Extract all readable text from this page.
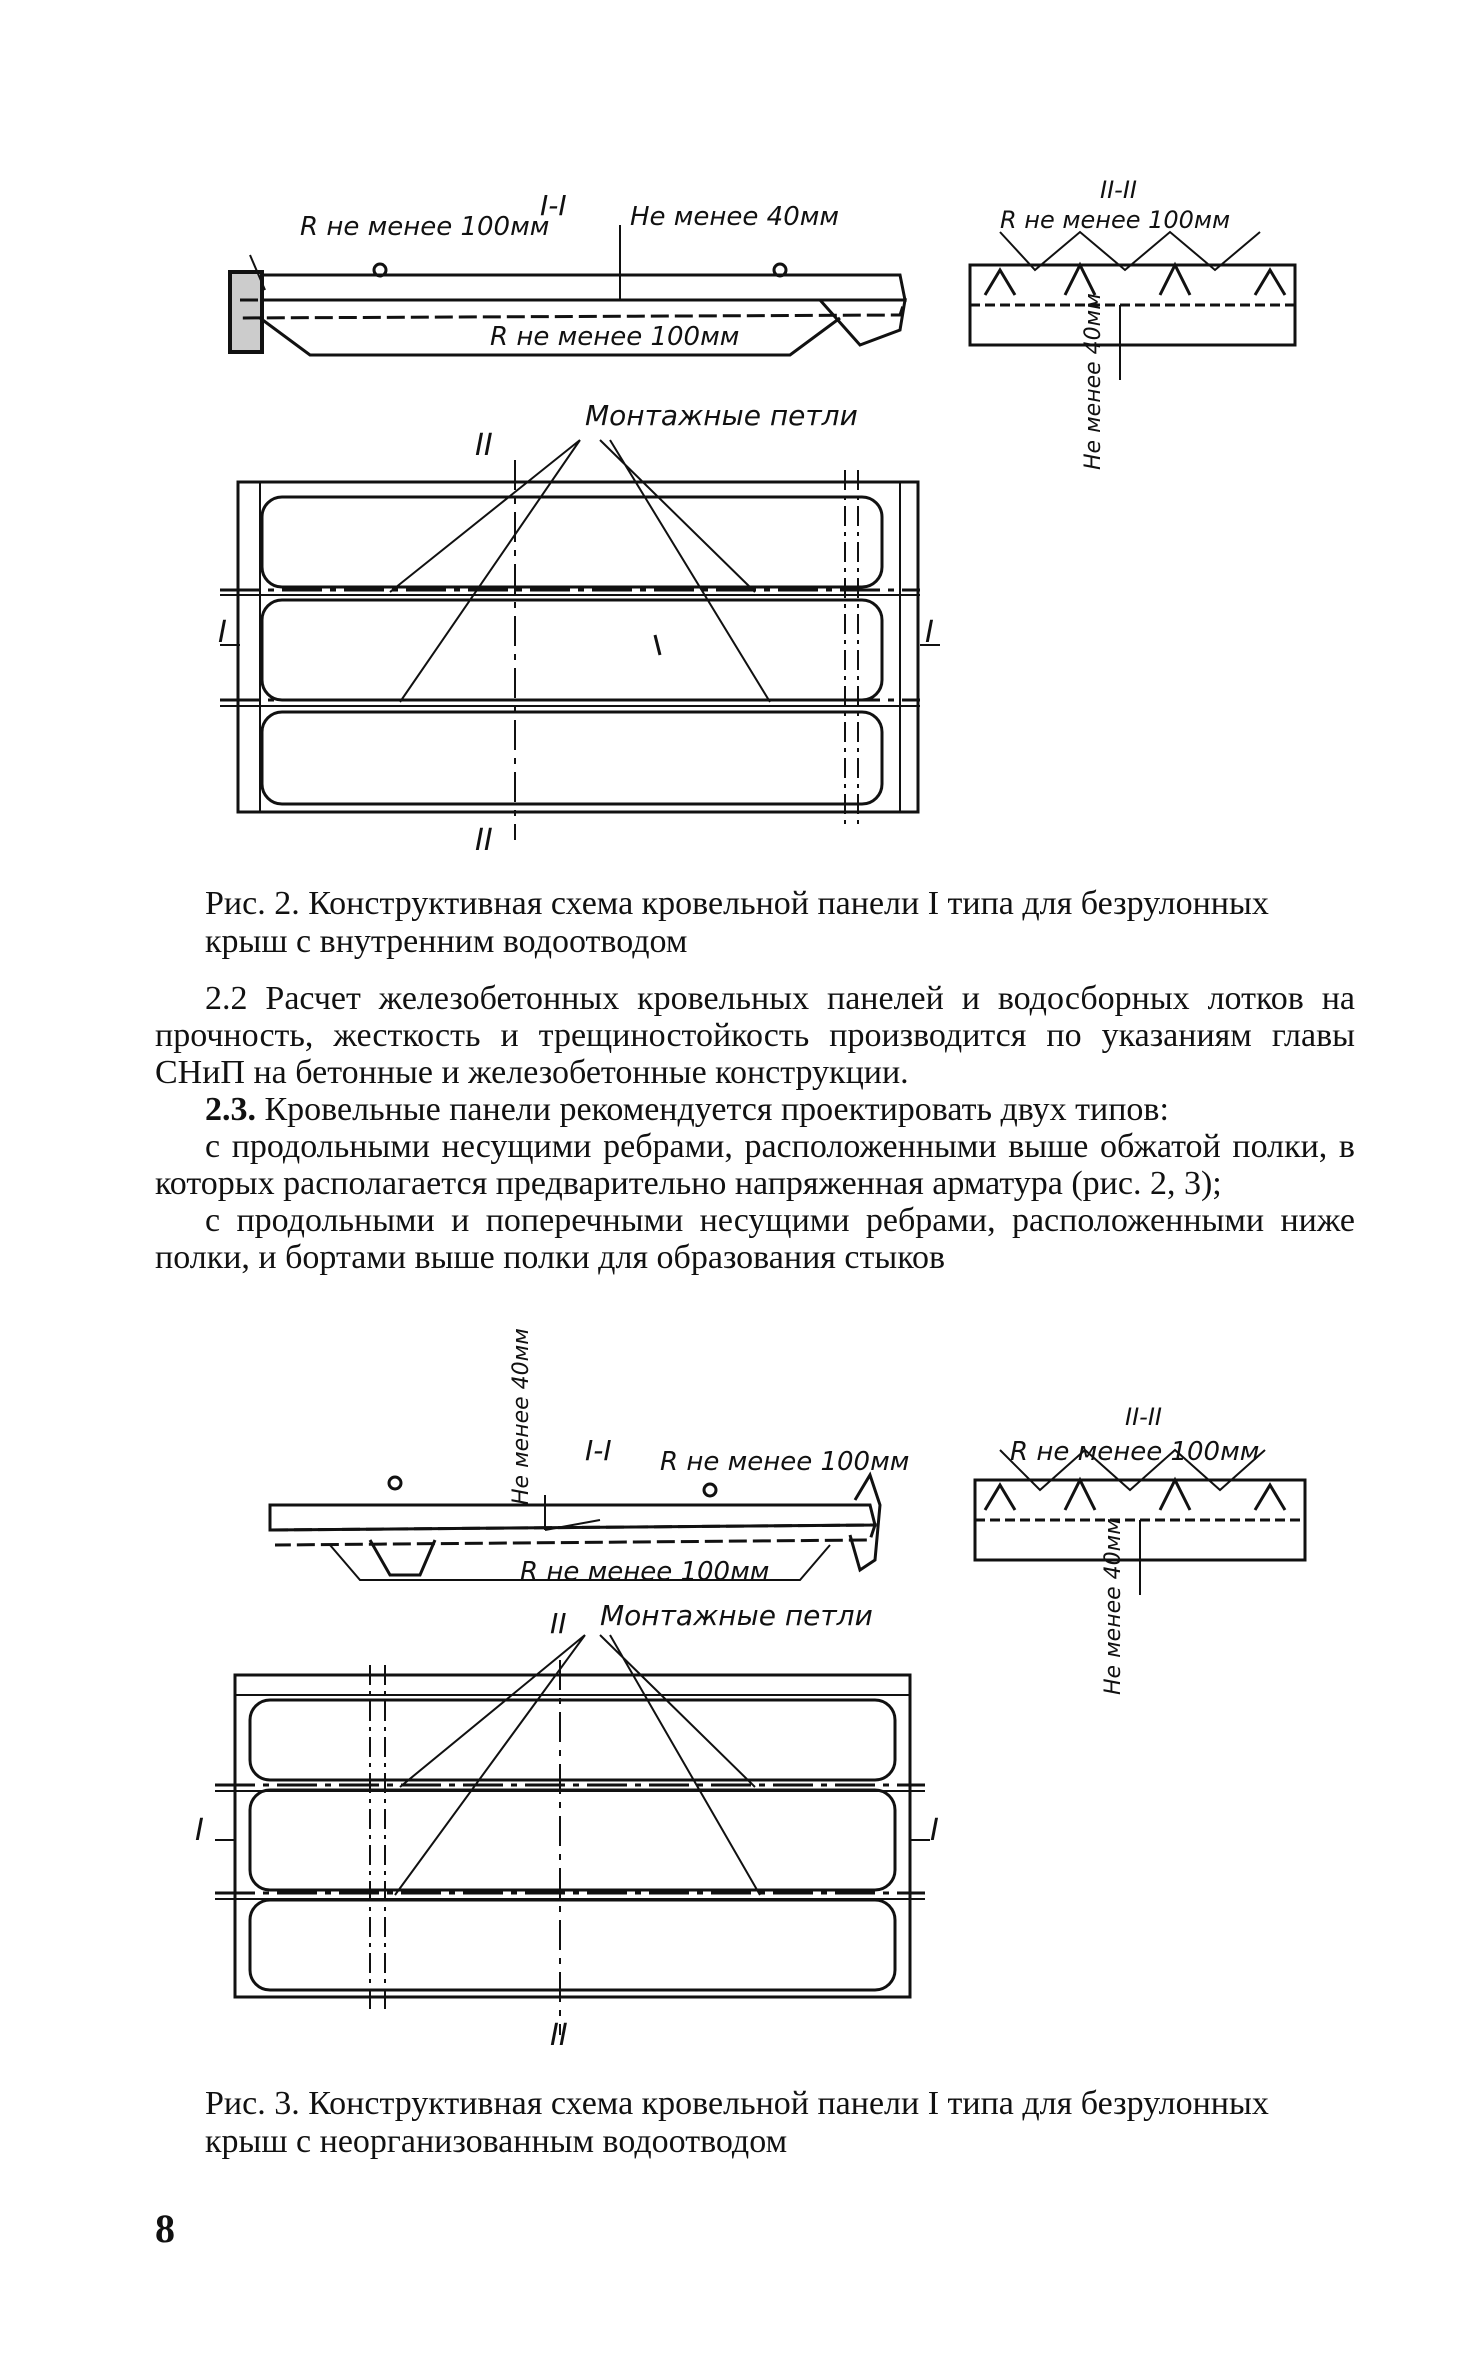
R не менее 100мм
I-I Не менее 40мм
R не менее 100мм
II-II
R не менее 100мм
Не менее 40мм
Монтажные петли
II
II
I	I
Рис. 2. Конструктивная схема кровельной панели I типа для безрулонных крыш с внутренним водоотводом

2.2 Расчет железобетонных кровельных панелей и водосборных лотков на прочность, жесткость и трещиностойкость производится по указаниям главы СНиП на бетонные и железобетонные конструкции.

2.3. Кровельные панели рекомендуется проектировать двух типов:

с продольными несущими ребрами, расположенными выше обжатой полки, в которых располагается предварительно напряженная арматура (рис. 2, 3);

с продольными и поперечными несущими ребрами, расположенными ниже полки, и бортами выше полки для образования стыков

Не менее 40мм I-I R не менее 100мм
R не менее 100мм
II-II
R не менее 100мм
Не менее 40мм
Монтажные петли
II
II
I	I
Рис. 3. Конструктивная схема кровельной панели I типа для безрулонных крыш с неорганизованным водоотводом
8
